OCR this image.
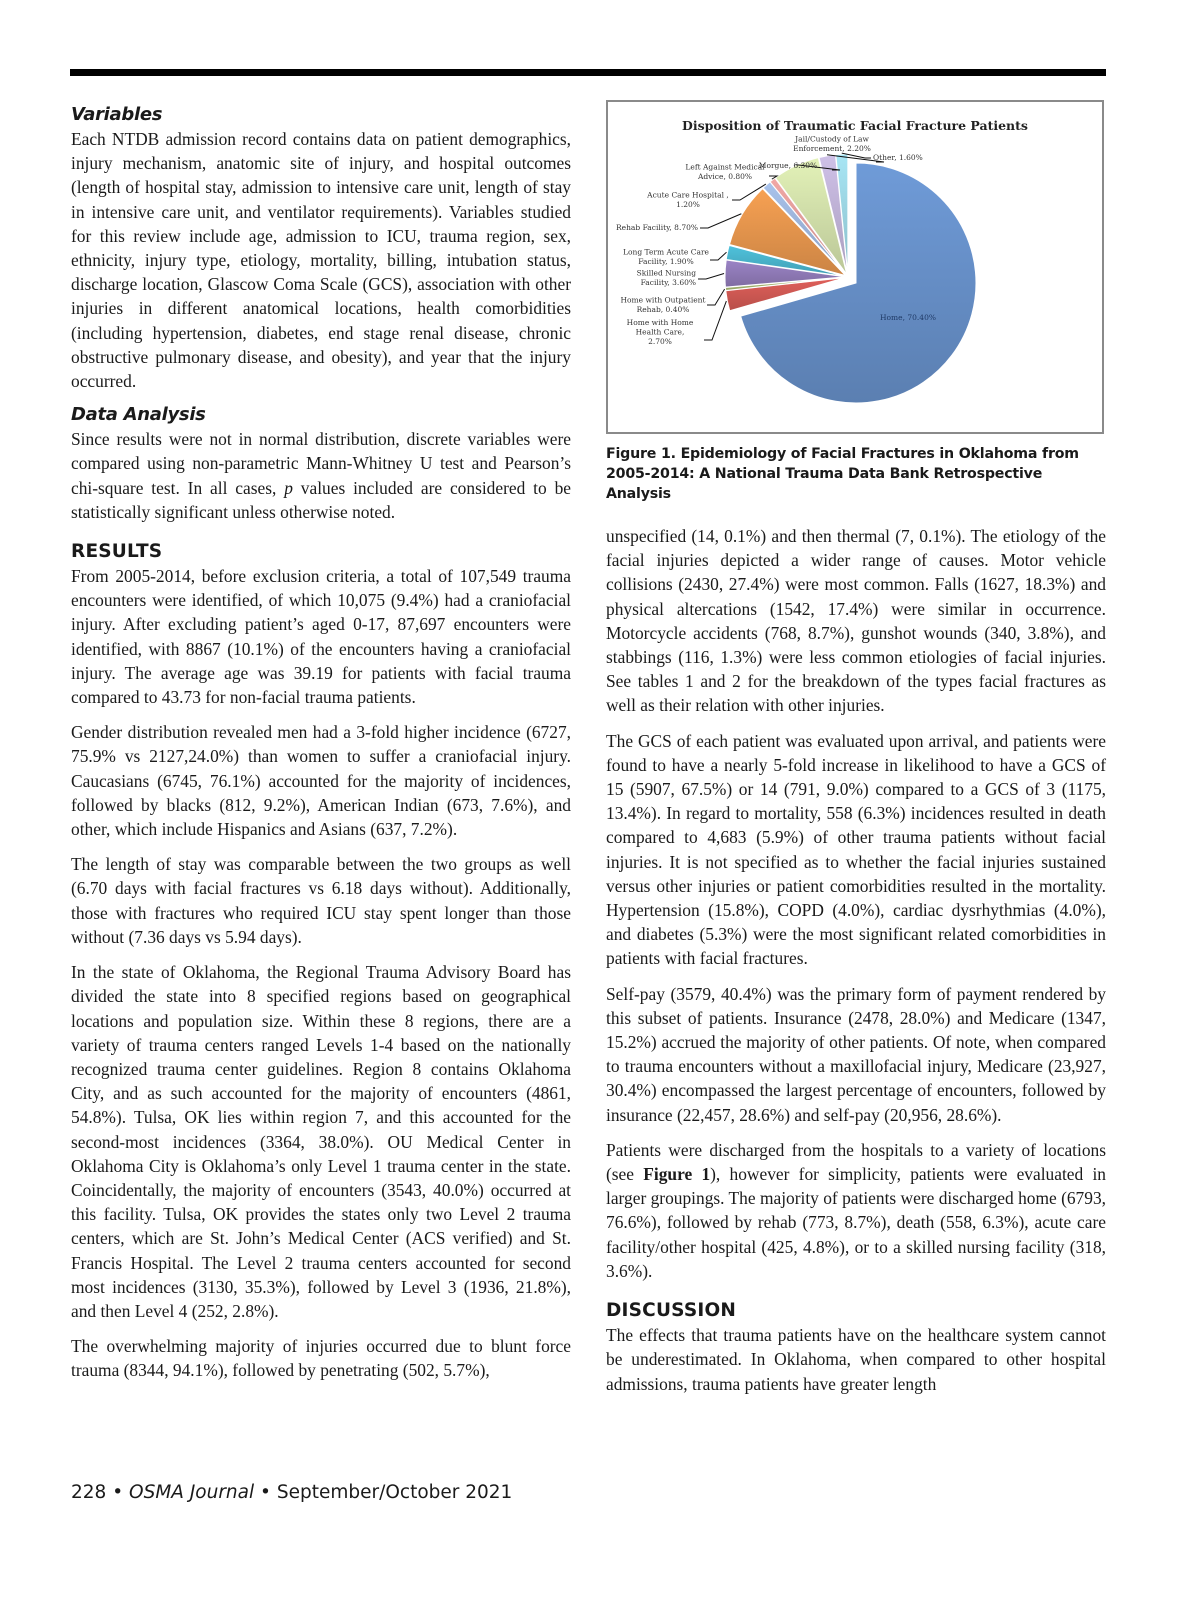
Variables

Each NTDB admission record contains data on patient demographics, injury mechanism, anatomic site of injury, and hospital outcomes (length of hospital stay, admission to intensive care unit, length of stay in intensive care unit, and ventilator requirements). Variables studied for this review include age, admission to ICU, trauma region, sex, ethnicity, injury type, etiology, mortality, billing, intubation status, discharge location, Glascow Coma Scale (GCS), association with other injuries in different anatomical locations, health comorbidities (including hypertension, diabetes, end stage renal disease, chronic obstructive pulmonary disease, and obesity), and year that the injury occurred.

Data Analysis

Since results were not in normal distribution, discrete variables were compared using non-parametric Mann-Whitney U test and Pearson’s chi-square test. In all cases, p values included are considered to be statistically significant unless otherwise noted.

RESULTS

From 2005-2014, before exclusion criteria, a total of 107,549 trauma encounters were identified, of which 10,075 (9.4%) had a craniofacial injury. After excluding patient’s aged 0-17, 87,697 encounters were identified, with 8867 (10.1%) of the encounters having a craniofacial injury. The average age was 39.19 for patients with facial trauma compared to 43.73 for non-facial trauma patients.

Gender distribution revealed men had a 3-fold higher incidence (6727, 75.9% vs 2127,24.0%) than women to suffer a craniofacial injury. Caucasians (6745, 76.1%) accounted for the majority of incidences, followed by blacks (812, 9.2%), American Indian (673, 7.6%), and other, which include Hispanics and Asians (637, 7.2%).

The length of stay was comparable between the two groups as well (6.70 days with facial fractures vs 6.18 days without). Additionally, those with fractures who required ICU stay spent longer than those without (7.36 days vs 5.94 days).

In the state of Oklahoma, the Regional Trauma Advisory Board has divided the state into 8 specified regions based on geographical locations and population size. Within these 8 regions, there are a variety of trauma centers ranged Levels 1-4 based on the nationally recognized trauma center guidelines. Region 8 contains Oklahoma City, and as such accounted for the majority of encounters (4861, 54.8%). Tulsa, OK lies within region 7, and this accounted for the second-most incidences (3364, 38.0%). OU Medical Center in Oklahoma City is Oklahoma’s only Level 1 trauma center in the state. Coincidentally, the majority of encounters (3543, 40.0%) occurred at this facility. Tulsa, OK provides the states only two Level 2 trauma centers, which are St. John’s Medical Center (ACS verified) and St. Francis Hospital. The Level 2 trauma centers accounted for second most incidences (3130, 35.3%), followed by Level 3 (1936, 21.8%), and then Level 4 (252, 2.8%).

The overwhelming majority of injuries occurred due to blunt force trauma (8344, 94.1%), followed by penetrating (502, 5.7%),

Disposition of Traumatic Facial Fracture Patients
Home, 70.40%
Home with Home Health Care, 2.70%
Home with Outpatient Rehab, 0.40%
Skilled Nursing Facility, 3.60%
Long Term Acute Care Facility, 1.90%
Rehab Facility, 8.70%
Acute Care Hospital , 1.20%
Left Against Medical Advice, 0.80%
Morgue, 6.30%
Jail/Custody of Law Enforcement, 2.20%
Other, 1.60%
Figure 1. Epidemiology of Facial Fractures in Oklahoma from 2005-2014: A National Trauma Data Bank Retrospective Analysis

unspecified (14, 0.1%) and then thermal (7, 0.1%). The etiology of the facial injuries depicted a wider range of causes. Motor vehicle collisions (2430, 27.4%) were most common. Falls (1627, 18.3%) and physical altercations (1542, 17.4%) were similar in occurrence. Motorcycle accidents (768, 8.7%), gunshot wounds (340, 3.8%), and stabbings (116, 1.3%) were less common etiologies of facial injuries. See tables 1 and 2 for the breakdown of the types facial fractures as well as their relation with other injuries.

The GCS of each patient was evaluated upon arrival, and patients were found to have a nearly 5-fold increase in likelihood to have a GCS of 15 (5907, 67.5%) or 14 (791, 9.0%) compared to a GCS of 3 (1175, 13.4%). In regard to mortality, 558 (6.3%) incidences resulted in death compared to 4,683 (5.9%) of other trauma patients without facial injuries. It is not specified as to whether the facial injuries sustained versus other injuries or patient comorbidities resulted in the mortality. Hypertension (15.8%), COPD (4.0%), cardiac dysrhythmias (4.0%), and diabetes (5.3%) were the most significant related comorbidities in patients with facial fractures.

Self-pay (3579, 40.4%) was the primary form of payment rendered by this subset of patients. Insurance (2478, 28.0%) and Medicare (1347, 15.2%) accrued the majority of other patients. Of note, when compared to trauma encounters without a maxillofacial injury, Medicare (23,927, 30.4%) encompassed the largest percentage of encounters, followed by insurance (22,457, 28.6%) and self-pay (20,956, 28.6%).

Patients were discharged from the hospitals to a variety of locations (see Figure 1), however for simplicity, patients were evaluated in larger groupings. The majority of patients were discharged home (6793, 76.6%), followed by rehab (773, 8.7%), death (558, 6.3%), acute care facility/other hospital (425, 4.8%), or to a skilled nursing facility (318, 3.6%).

DISCUSSION

The effects that trauma patients have on the healthcare system cannot be underestimated. In Oklahoma, when compared to other hospital admissions, trauma patients have greater length

228 • OSMA Journal • September/October 2021
